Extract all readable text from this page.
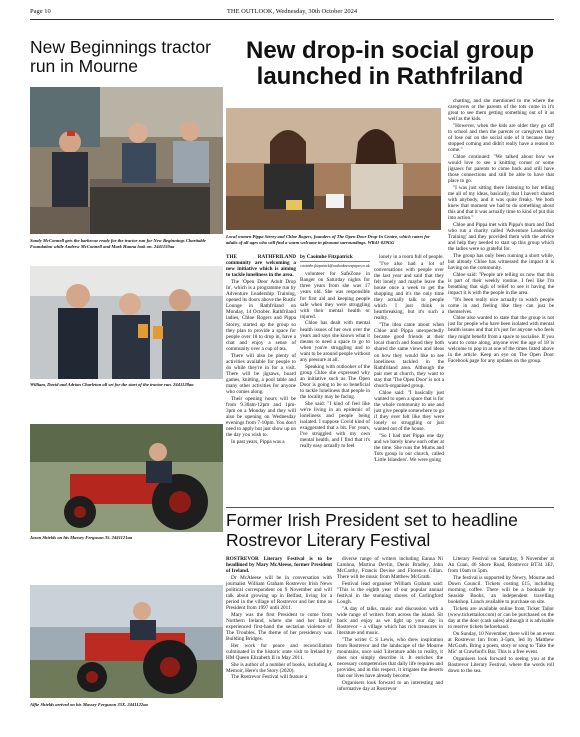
Page 10	THE OUTLOOK, Wednesday, 30th October 2024
New Beginnings tractor run in Mourne
New drop-in social group launched in Rathfriland
Sandy McConnell gets the barbecue ready for the tractor run for New Beginnings Charitable Foundation while Andrew McConnell and Mark Hanna look on. 2441159aa
William, David and Adrian Charleton all set for the start of the tractor run. 2441128aa
Jason Shields on his Massey Ferguson 35. 2441121aa
Alfie Shields arrived on his Massey Ferguson 35X. 2441122aa
Local women Pippa Sterey and Chloe Rogers, founders of The Open Door Drop-In Centre, which caters for adults of all ages who will find a warm welcome in pleasant surroundings. WR41-029GG

THE RATHFRILAND community are welcoming a new initiative which is aiming to tackle loneliness in the area.

The 'Open Door Adult Drop In', which is a programme run by Adventure Leadership Training, opened its doors above the Rustic Lounge in Rathfriland on Monday, 14 October. Rathfriland ladies, Chloe Rogers and Pippa Storey, started up the group so they plan to provide a space for people over 18 to drop in, have a chat and enjoy a sense of community over a cup of tea.

There will also be plenty of activities available for people to do while they're in for a visit. There will be jigsaws, board games, knitting, a pool table and many other activities for anyone who comes along.

Their opening hours will be from 9.30am-12pm and 1pm-3pm on a Monday and they will also be opening on Wednesday evenings from 7-10pm. You don't need to apply but just show up on the day you wish to.

In past years, Pippa was a

by Caoimhe Fitzpatrick
caoimhe.fitzpatrick@outlooknewspaper.co.uk

volunteer for SafeZone in Banger on Saturday nights for three years from she was 17 years old. She was responsible for first aid and keeping people safe when they were struggling with their mental health or injured.

Chloe has dealt with mental health issues of her own over the years and says she knows what it means to need a space to go to when you're struggling and to want to be around people without any pressure at all.

Speaking with outlooker of the group Chloe she expressed why an initiative such as The Open Door is going to be so beneficial to tackle loneliness that people in the locality may be facing.

She said: "I kind of feel like we're living in an epidemic of loneliness and people being isolated. I suppose Covid kind of exaggerated that a bit. For years, I've struggled with my own mental health, and I find that it's really easy actually to feel

lonely in a room full of people.

"I've also had a lot of conversations with people over the last year and said that they felt lonely and maybe leave the house once a week to get the shopping and it's the only time they actually talk to people which I just think is heartbreaking, but it's such a reality.

"The idea came about when Chloe and Pippa unexpectedly became good friends at their local church and found they both shared the same views and ideas on how they would like to see loneliness tackled in the Rathfriland area. Although the pair met at church, they want to stay that 'The Open Door' is not a church-organised group.

Chloe said: "I basically just wanted to open a space that is for the whole community to use and just give people somewhere to go if they ever felt like they were lonely or struggling or just wanted out of the house.

"So I had met Pippa one day and we barely knew each other at the time. She runs the Mums and Tots group in our church, called 'Little Islanders'. We were going

chatting, and she mentioned to me where the caregivers or the parents of the tots come in it's great to see them getting something out of it as well as the kids.

"However, when the kids are older they go off to school and then the parents or caregivers kind of lose out on the social side of it because they stopped coming and didn't really have a reason to come."

Chloe continued: "We talked about how we would love to see a knitting corner or some jigsaws for parents to come back and still have those connections and still be able to have that place to go.

"I was just sitting there listening to her telling me all of my ideas, basically, that I haven't shared with anybody, and it was quite freaky. We both knew that moment we had to do something about this and that it was actually time to kind of put this into action."

Chloe and Pippa met with Pippa's mum and Dad who run a charity called 'Adventure Leadership Training' and they provided them with the advice and help they needed to start up this group which the ladies were so grateful for.

The group has only been running a short while, but already Chloe has witnessed the impact it is having on the community.

Chloe said: "People are telling us now that this is part of their weekly routine. I feel like I'm breathing that sigh of relief to see it having the impact it is with the people in the area.

"It's been really nice actually to watch people come in and feeling like they can just be themselves.

Chloe also wanted to state that the group is not just for people who have been isolated with mental health issues and that it's just for anyone who feels they might benefit from a space to socialise. If you want to come along, anyone over the age of 18 is welcome to pop in at one of the times listed above in the article. Keep an eye on The Open Door Facebook page for any updates on the group.

Former Irish President set to headline Rostrevor Literary Festival

ROSTREVOR Literary Festival is to be headlined by Mary McAleese, former President of Ireland.

Dr McAleese will be in conversation with journalist William Graham Rostrevor Irish News political correspondent on 9 November and will talk about growing up in Belfast, living for a period in the village of Rostrevor and her time as President from 1997 until 2011.

Mary was the first President to come from Northern Ireland, where she and her family experienced first-hand the sectarian violence of The Troubles. The theme of her presidency was Building Bridges.

Her work for peace and reconciliation culminated in the historic state visit to Ireland by HM Queen Elizabeth II in May 2011.

She is author of a number of books, including A Memoir, Here's the Story (2020).

The Rostrevor Festival will feature a

diverse range of writers including Eanna Ni Lamhna, Martina Devlin, Denis Bradley, John McCarthy, Francis Devine and Florence Gillan. There will be music from Matthew McGrath.

Festival lead organiser William Graham said: "This is the eighth year of our popular annual festival in the stunning shores of Carlingford Lough.

"A day of talks, music and discussion with a wide range of writers from across the island. Sit back and enjoy as we light up your day in Rostrevor - a village which has rich treasures in literature and music.

"The writer C S Lewis, who drew inspiration from Rostrevor and the landscape of the Mourne mountains, once said 'Literature adds to reality, it does not simply describe it. It enriches the necessary competencies that daily life requires and provides, and in this respect, it irrigates the deserts that our lives have already become.'

Organisers look forward to an interesting and informative day at Rostrevor

Literary Festival on Saturday, 9 November at An Cuan, 46 Shore Road, Rostrevor BT34 3EJ, from 10am to 5pm.

The festival is supported by Newry, Mourne and Down Council. Tickets costing £15, including morning coffee. There will be a booksale by Seaside Books, an independent travelling bookshop. Lunch available to purchase on site.

Tickets are available online from Ticket Tailor (www.tickettailor.com) or can be purchased on the day at the door (cash sales) although it is advisable to reserve tickets beforehand.

On Sunday, 10 November, there will be an event at Rostrevor Inn from 3-5pm, led by Matthew McGrath. Bring a poem, story or song to 'Take the Mic' at Crawford's Bar. This is a free event.

Organisers look forward to seeing you at the Rostrevor Literary Festival, where the words roll down to the sea.
